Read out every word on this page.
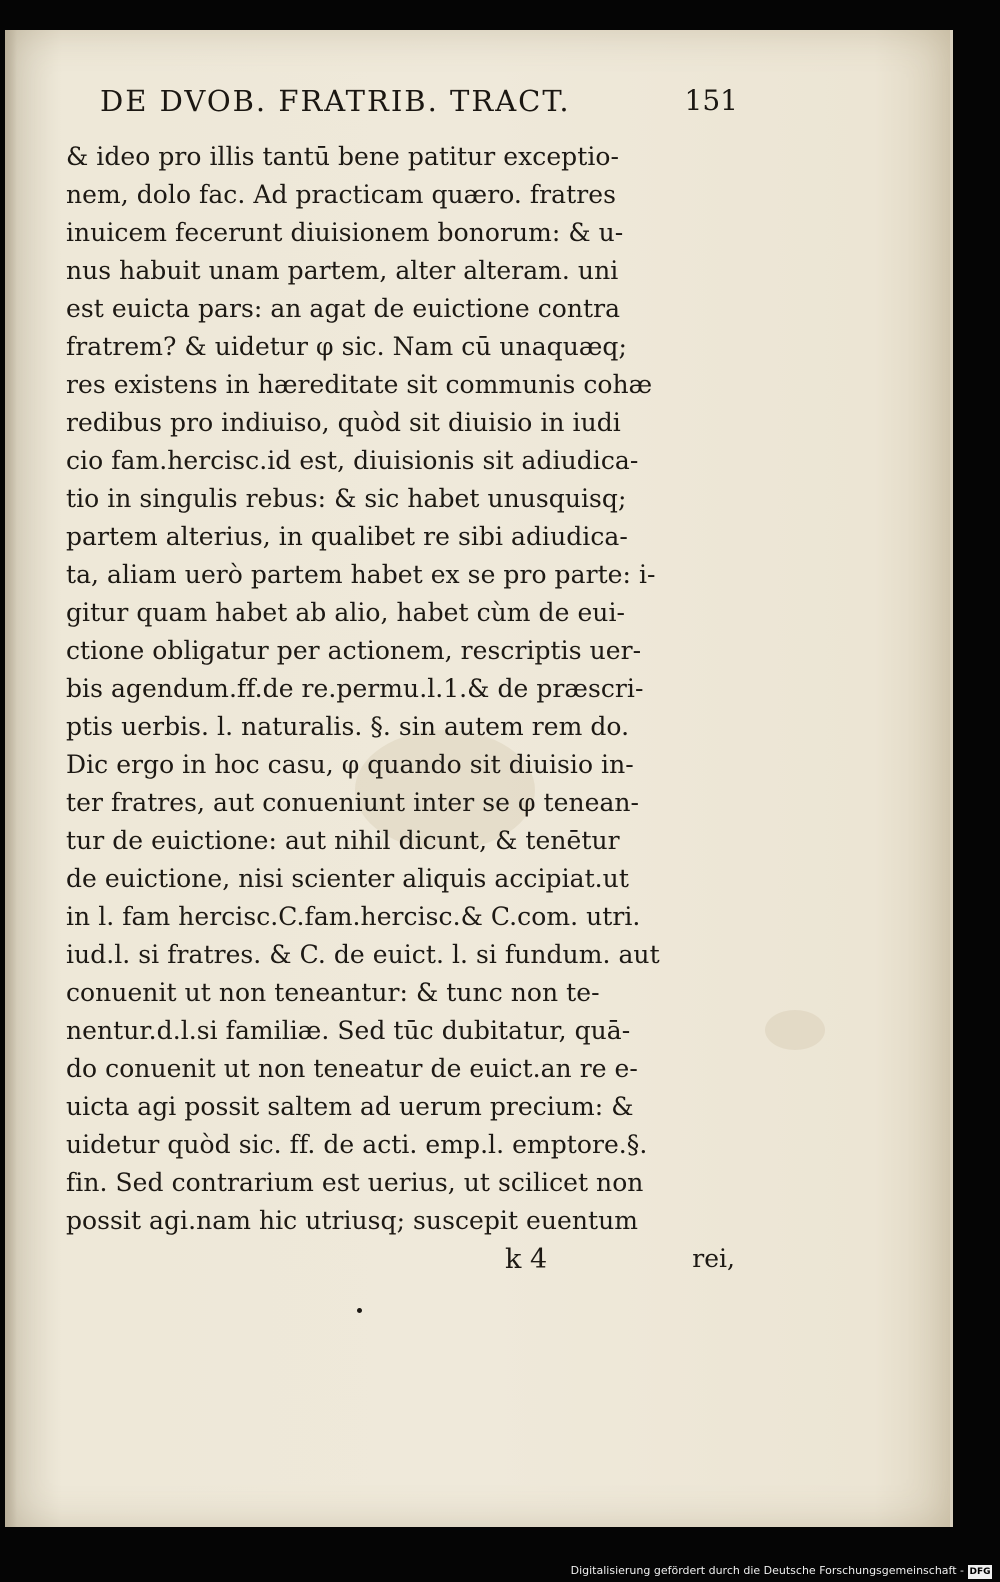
DE DVOB. FRATRIB. TRACT.	151
& ideo pro illis tantū bene patitur exceptio-
nem, dolo fac. Ad practicam quæro. fratres
inuicem fecerunt diuisionem bonorum: & u-
nus habuit unam partem, alter alteram. uni
est euicta pars: an agat de euictione contra
fratrem? & uidetur φ sic. Nam cū unaquæq;
res existens in hæreditate sit communis cohæ
redibus pro indiuiso, quòd sit diuisio in iudi
cio fam.hercisc.id est, diuisionis sit adiudica-
tio in singulis rebus: & sic habet unusquisq;
partem alterius, in qualibet re sibi adiudica-
ta, aliam uerò partem habet ex se pro parte: i-
gitur quam habet ab alio, habet cùm de eui-
ctione obligatur per actionem, rescriptis uer-
bis agendum.ff.de re.permu.l.1.& de præscri-
ptis uerbis. l. naturalis. §. sin autem rem do.
Dic ergo in hoc casu, φ quando sit diuisio in-
ter fratres, aut conueniunt inter se φ tenean-
tur de euictione: aut nihil dicunt, & tenētur
de euictione, nisi scienter aliquis accipiat.ut
in l. fam hercisc.C.fam.hercisc.& C.com. utri.
iud.l. si fratres. & C. de euict. l. si fundum. aut
conuenit ut non teneantur: & tunc non te-
nentur.d.l.si familiæ. Sed tūc dubitatur, quā-
do conuenit ut non teneatur de euict.an re e-
uicta agi possit saltem ad uerum precium: &
uidetur quòd sic. ff. de acti. emp.l. emptore.§.
fin. Sed contrarium est uerius, ut scilicet non
possit agi.nam hic utriusq; suscepit euentum
k 4	rei,
Digitalisierung gefördert durch die Deutsche Forschungsgemeinschaft - DFG
